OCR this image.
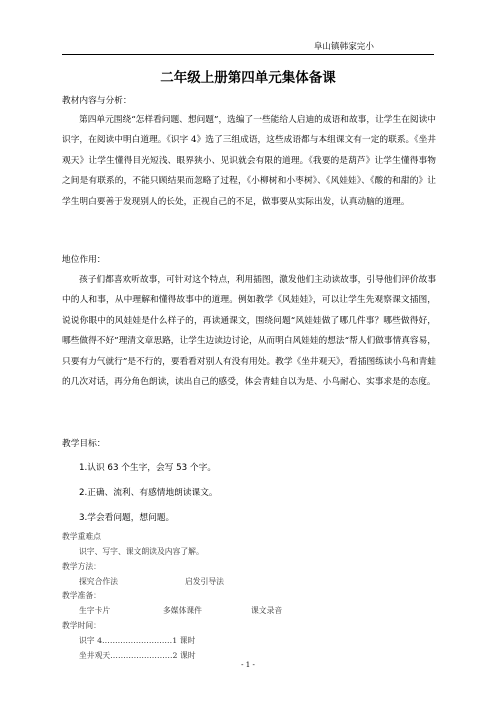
阜山镇韩家完小
二年级上册第四单元集体备课
教材内容与分析：
第四单元围绕“怎样看问题、想问题”，选编了一些能给人启迪的成语和故事，让学生在阅读中识字，在阅读中明白道理。《识字 4》选了三组成语，这些成语都与本组课文有一定的联系。《坐井观天》让学生懂得目光短浅、眼界狭小、见识就会有限的道理。《我要的是葫芦》让学生懂得事物之间是有联系的，不能只顾结果而忽略了过程，《小柳树和小枣树》、《风娃娃》、《酸的和甜的》让学生明白要善于发现别人的长处，正视自己的不足，做事要从实际出发，认真动脑的道理。
地位作用：
孩子们都喜欢听故事，可针对这个特点，利用插图，激发他们主动读故事，引导他们评价故事中的人和事，从中理解和懂得故事中的道理。例如教学《风娃娃》，可以让学生先观察课文插图，说说你眼中的风娃娃是什么样子的，再读通课文，围绕问题“风娃娃做了哪几件事？哪些做得好，哪些做得不好”理清文章思路，让学生边读边讨论，从而明白风娃娃的想法“帮人们做事情真容易，只要有力气就行”是不行的，要看看对别人有没有用处。教学《坐井观天》，看插图练读小鸟和青蛙的几次对话，再分角色朗读，读出自己的感受，体会青蛙自以为是、小鸟耐心、实事求是的态度。
教学目标：
1.认识 63 个生字，会写 53 个字。
2.正确、流利、有感情地朗读课文。
3.学会看问题，想问题。
教学重难点
识字、写字、课文朗读及内容了解。
教学方法：
探究合作法	启发引导法
教学准备：
生字卡片	多媒体课件	课文录音
教学时间：
识字 4………………………1 课时
坐井观天……………………2 课时
- 1 -
